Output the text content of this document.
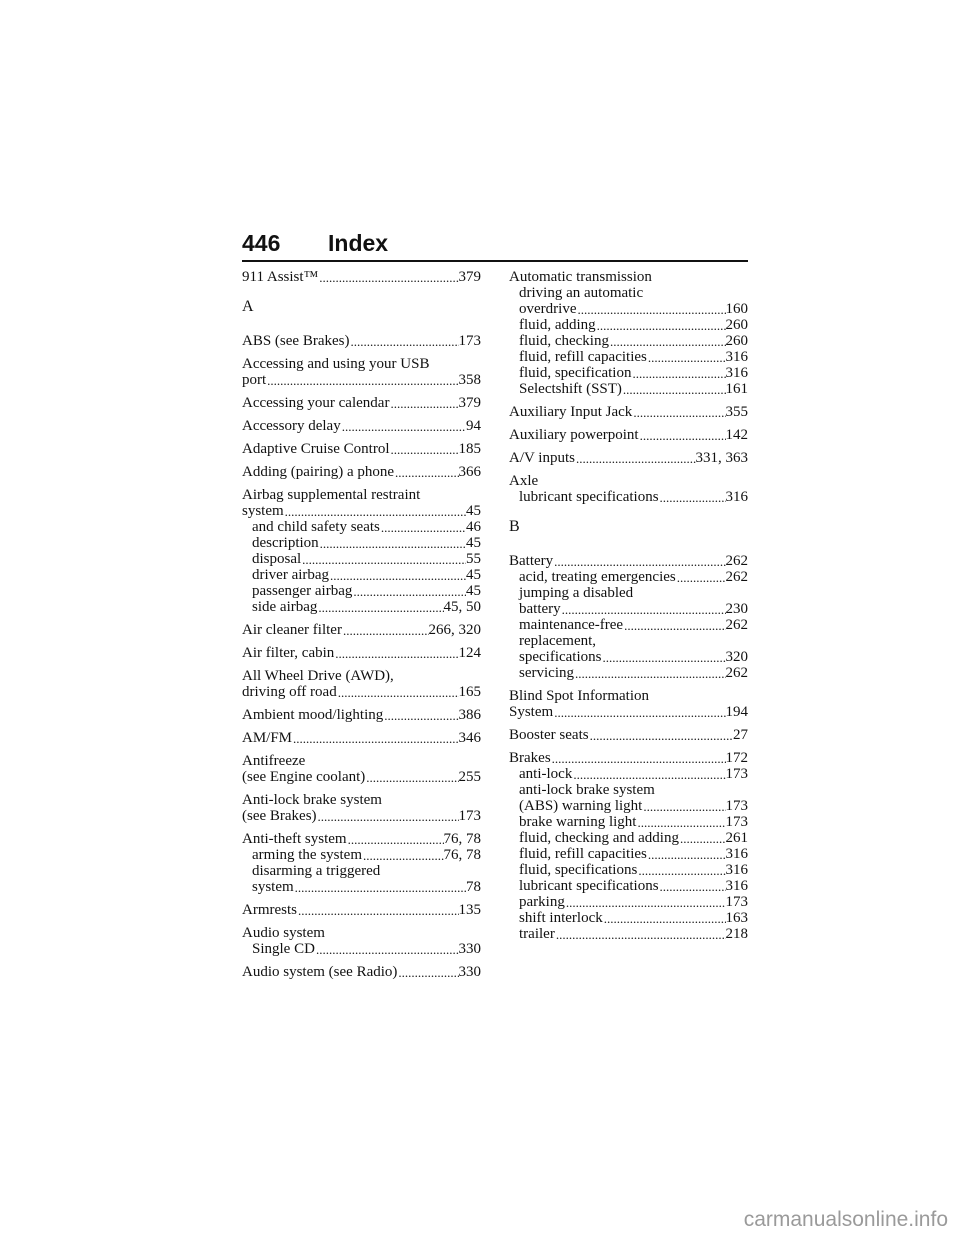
446 Index
911 Assist™ .....	379
A
ABS (see Brakes) .....	173
Accessing and using your USB
port .....	358
Accessing your calendar .....	379
Accessory delay .....	94
Adaptive Cruise Control .....	185
Adding (pairing) a phone .....	366
Airbag supplemental restraint
system .....	45
and child safety seats .....	46
description .....	45
disposal .....	55
driver airbag .....	45
passenger airbag .....	45
side airbag .....	45, 50
Air cleaner filter .....	266, 320
Air filter, cabin .....	124
All Wheel Drive (AWD),
driving off road .....	165
Ambient mood/lighting .....	386
AM/FM .....	346
Antifreeze
(see Engine coolant) .....	255
Anti-lock brake system
(see Brakes) .....	173
Anti-theft system .....	76, 78
arming the system .....	76, 78
disarming a triggered
system .....	78
Armrests .....	135
Audio system
Single CD .....	330
Audio system (see Radio) .....	330
Automatic transmission
driving an automatic
overdrive .....	160
fluid, adding .....	260
fluid, checking .....	260
fluid, refill capacities .....	316
fluid, specification .....	316
Selectshift (SST) .....	161
Auxiliary Input Jack .....	355
Auxiliary powerpoint .....	142
A/V inputs .....	331, 363
Axle
lubricant specifications .....	316
B
Battery .....	262
acid, treating emergencies .....	262
jumping a disabled
battery .....	230
maintenance-free .....	262
replacement,
specifications .....	320
servicing .....	262
Blind Spot Information
System .....	194
Booster seats .....	27
Brakes .....	172
anti-lock .....	173
anti-lock brake system
(ABS) warning light .....	173
brake warning light .....	173
fluid, checking and adding .....	261
fluid, refill capacities .....	316
fluid, specifications .....	316
lubricant specifications .....	316
parking .....	173
shift interlock .....	163
trailer .....	218
carmanualsonline.info
